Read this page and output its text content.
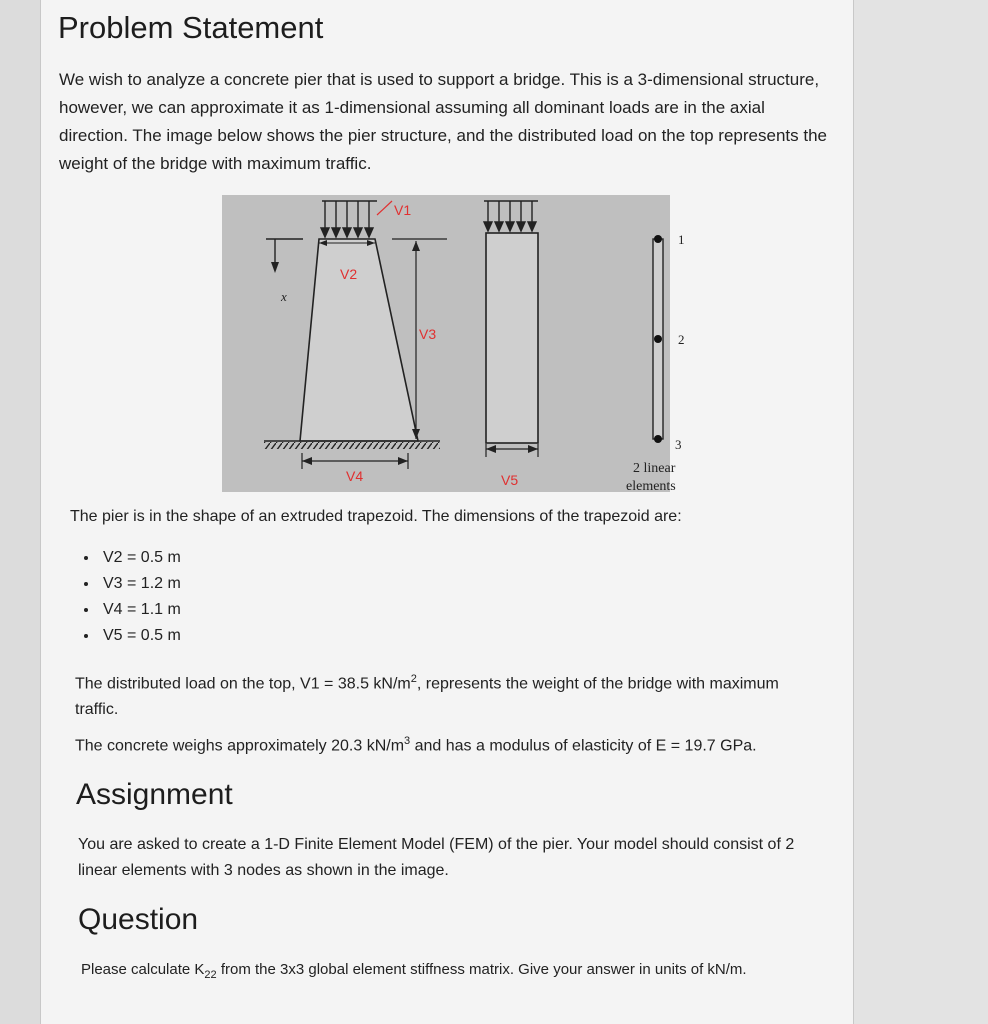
Problem Statement

We wish to analyze a concrete pier that is used to support a bridge. This is a 3-dimensional structure, however, we can approximate it as 1-dimensional assuming all dominant loads are in the axial direction. The image below shows the pier structure, and the distributed load on the top represents the weight of the bridge with maximum traffic.

V1
V2
x
V3
V4	V5
1
2
3
2 linear
elements

The pier is in the shape of an extruded trapezoid. The dimensions of the trapezoid are:

• V2 = 0.5 m
• V3 = 1.2 m
• V4 = 1.1 m
• V5 = 0.5 m

The distributed load on the top, V1 = 38.5 $kN/m^2$, represents the weight of the bridge with maximum traffic.

The concrete weighs approximately 20.3 $kN/m^3$ and has a modulus of elasticity of E = 19.7 GPa.

Assignment

You are asked to create a 1-D Finite Element Model (FEM) of the pier. Your model should consist of 2 linear elements with 3 nodes as shown in the image.

Question

Please calculate $K_{22}$ from the 3x3 global element stiffness matrix. Give your answer in units of kN/m.
